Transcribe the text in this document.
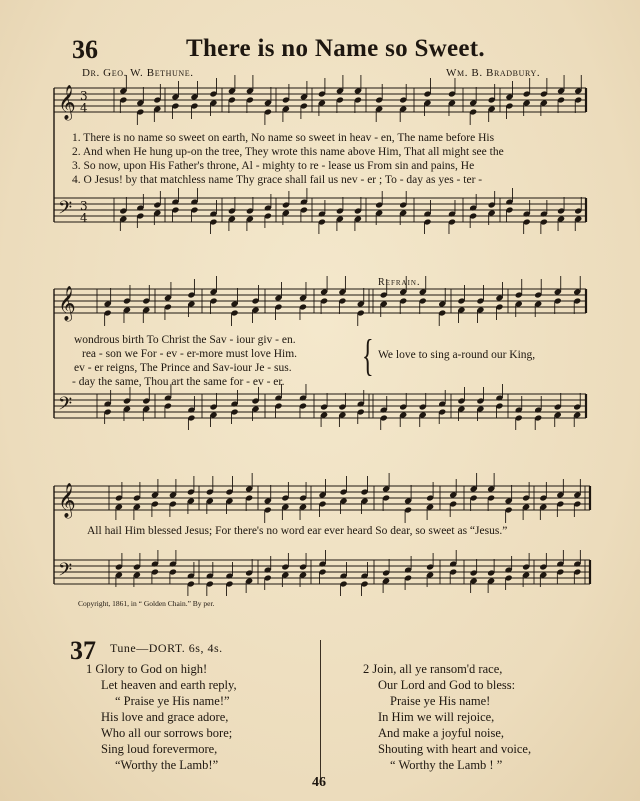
36	There is no Name so Sweet.
Dr. Geo. W. Bethune.	Wm. B. Bradbury.
𝄞
𝄢
3
4
3
4
𝄞
𝄢
𝄞
𝄢
1. There is no name so sweet on earth, No name so sweet in heav - en, The name before His
2. And when He hung up-on the tree, They wrote this name above Him, That all might see the
3. So now, upon His Father's throne, Al - mighty to re - lease us From sin and pains, He
4. O Jesus! by that matchless name Thy grace shall fail us nev - er ; To - day as yes - ter -
wondrous birth To Christ the Sav - iour giv - en.
rea - son we For - ev - er-more must love Him.
ev - er reigns, The Prince and Sav-iour Je - sus.
- day the same, Thou art the same for - ev - er.
{
Refrain.
We love to sing a-round our King,
All hail Him blessed Jesus; For there's no word ear ever heard So dear, so sweet as “Jesus.”
Copyright, 1861, in “ Golden Chain.” By per.
37 Tune—DORT. 6s, 4s.
1 Glory to God on high!
Let heaven and earth reply,
“ Praise ye His name!”
His love and grace adore,
Who all our sorrows bore;
Sing loud forevermore,
“Worthy the Lamb!”
2 Join, all ye ransom'd race,
Our Lord and God to bless:
Praise ye His name!
In Him we will rejoice,
And make a joyful noise,
Shouting with heart and voice,
“ Worthy the Lamb ! ”
46
